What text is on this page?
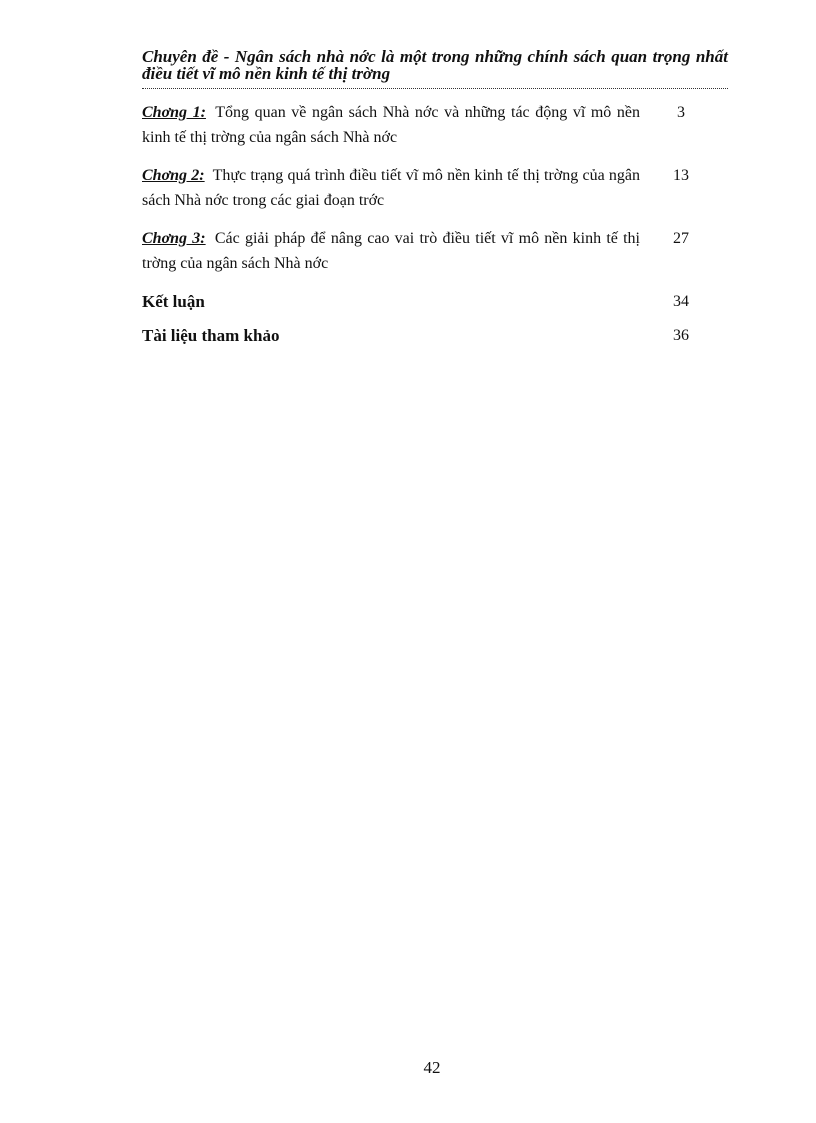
Chuyên đề - Ngân sách nhà nớc là một trong những chính sách quan trọng nhất điều tiết vĩ mô nền kinh tế thị trờng
Chơng 1: Tổng quan về ngân sách Nhà nớc và những tác động vĩ mô nền kinh tế thị trờng của ngân sách Nhà nớc
3
Chơng 2: Thực trạng quá trình điều tiết vĩ mô nền kinh tế thị trờng của ngân sách Nhà nớc trong các giai đoạn trớc
13
Chơng 3: Các giải pháp để nâng cao vai trò điều tiết vĩ mô nền kinh tế thị trờng của ngân sách Nhà nớc
27
Kết luận	34
Tài liệu tham khảo	36
42
